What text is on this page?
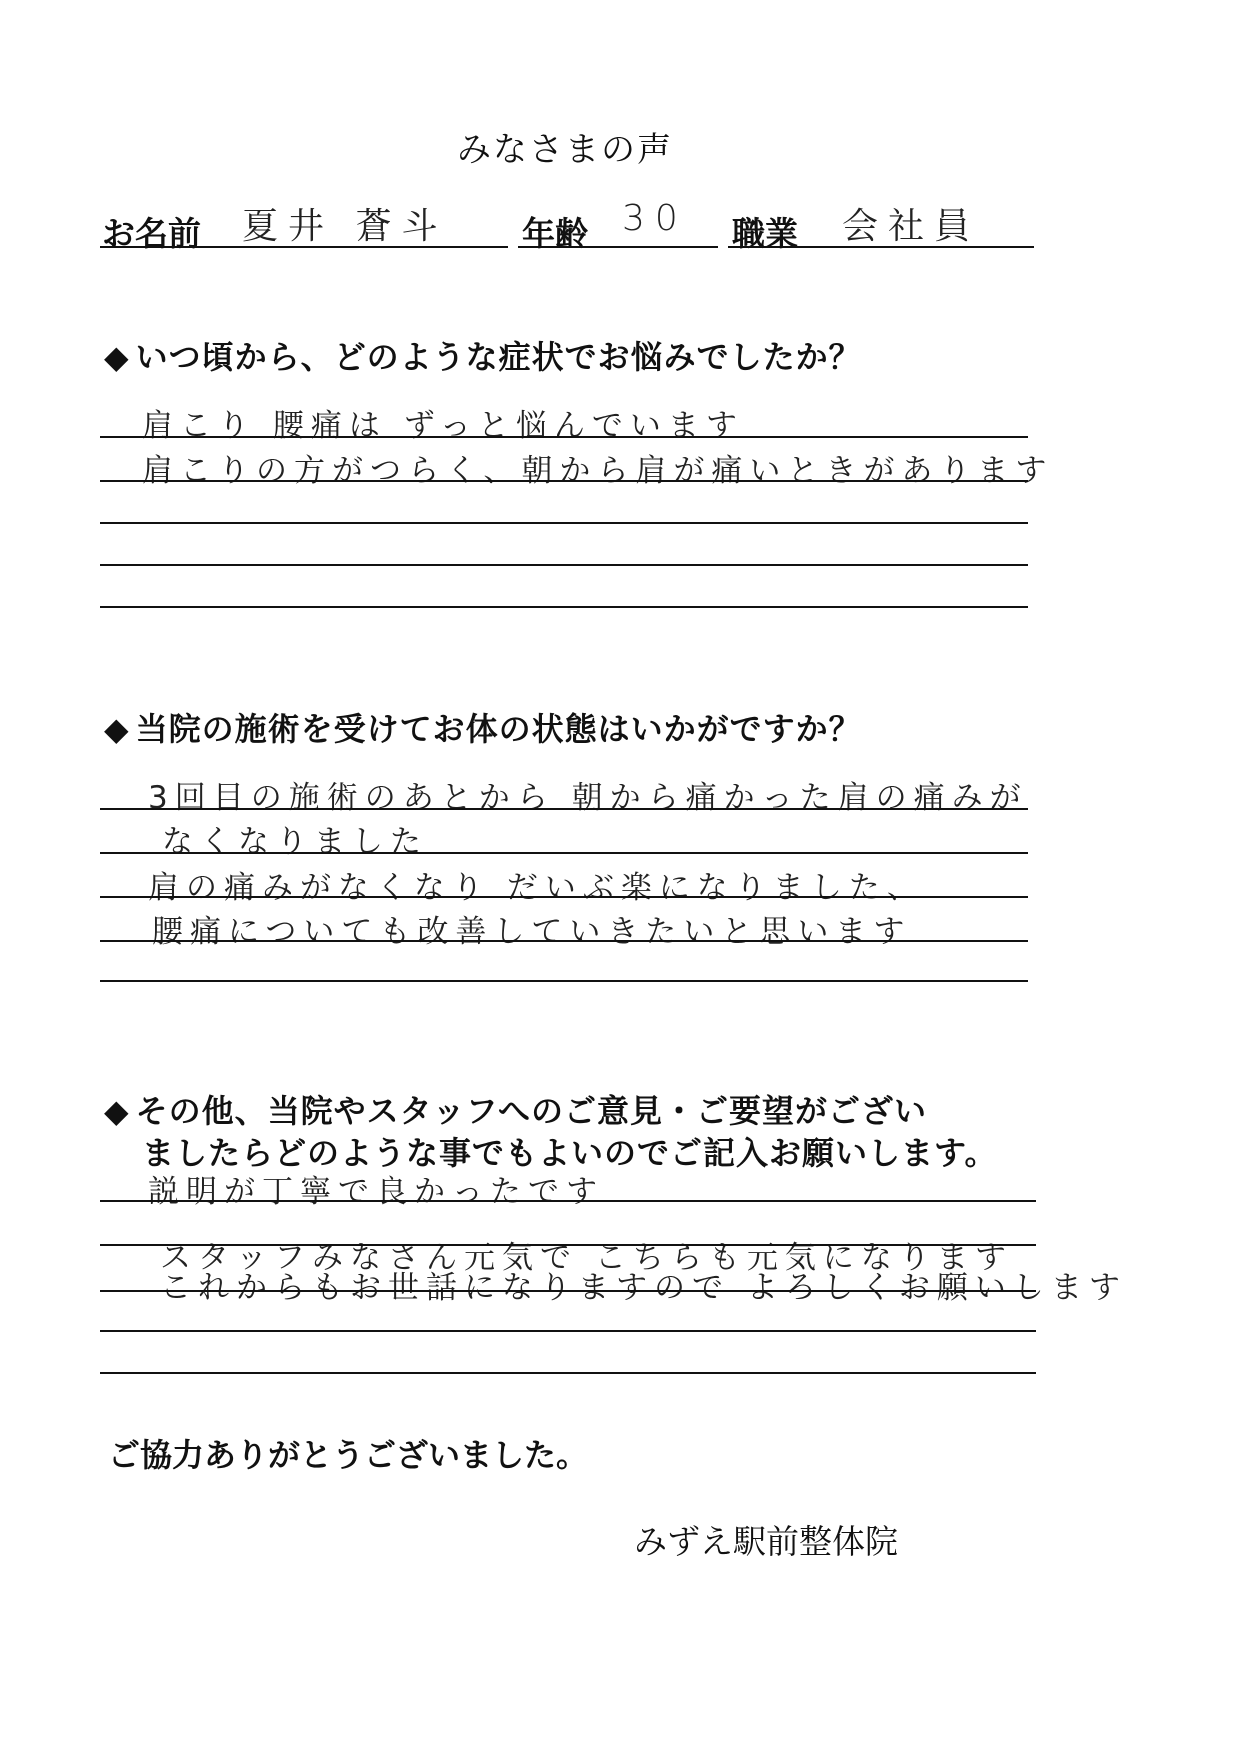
みなさまの声
お名前 夏井 蒼斗 年齢 30 職業 会社員
◆ いつ頃から、どのような症状でお悩みでしたか？
肩こり 腰痛は ずっと悩んでいます
肩こりの方がつらく、朝から肩が痛いときがあります
◆ 当院の施術を受けてお体の状態はいかがですか？
3回目の施術のあとから 朝から痛かった肩の痛みが
なくなりました
肩の痛みがなくなり だいぶ楽になりました、
腰痛についても改善していきたいと思います
◆ その他、当院やスタッフへのご意見・ご要望がござい
ましたらどのような事でもよいのでご記入お願いします。
説明が丁寧で良かったです
スタッフみなさん元気で こちらも元気になります
これからもお世話になりますので よろしくお願いします
ご協力ありがとうございました。
みずえ駅前整体院
